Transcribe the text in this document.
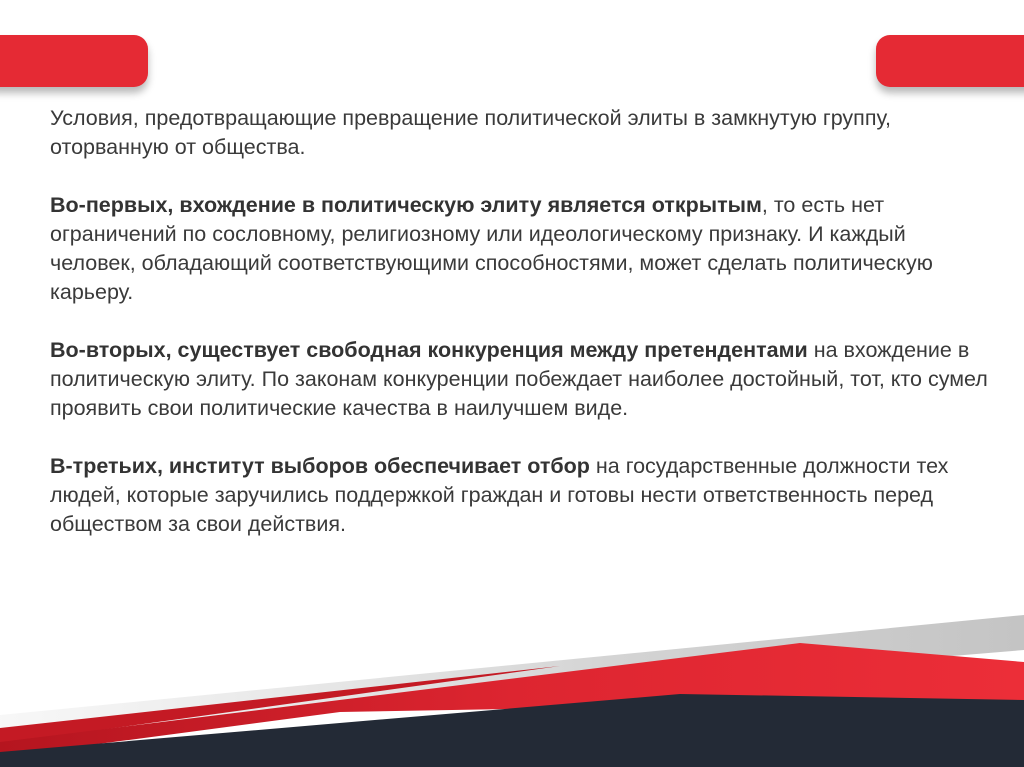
Условия, предотвращающие превращение политической элиты в замкнутую группу, оторванную от общества.

Во-первых, вхождение в политическую элиту является открытым, то есть нет ограничений по сословному, религиозному или идеологическому признаку. И каждый человек, обладающий соответствующими способностями, может сделать политическую карьеру.

Во-вторых, существует свободная конкуренция между претендентами на вхождение в политическую элиту. По законам конкуренции побеждает наиболее достойный, тот, кто сумел проявить свои политические качества в наилучшем виде.

В-третьих, институт выборов обеспечивает отбор на государственные должности тех людей, которые заручились поддержкой граждан и готовы нести ответственность перед обществом за свои действия.
